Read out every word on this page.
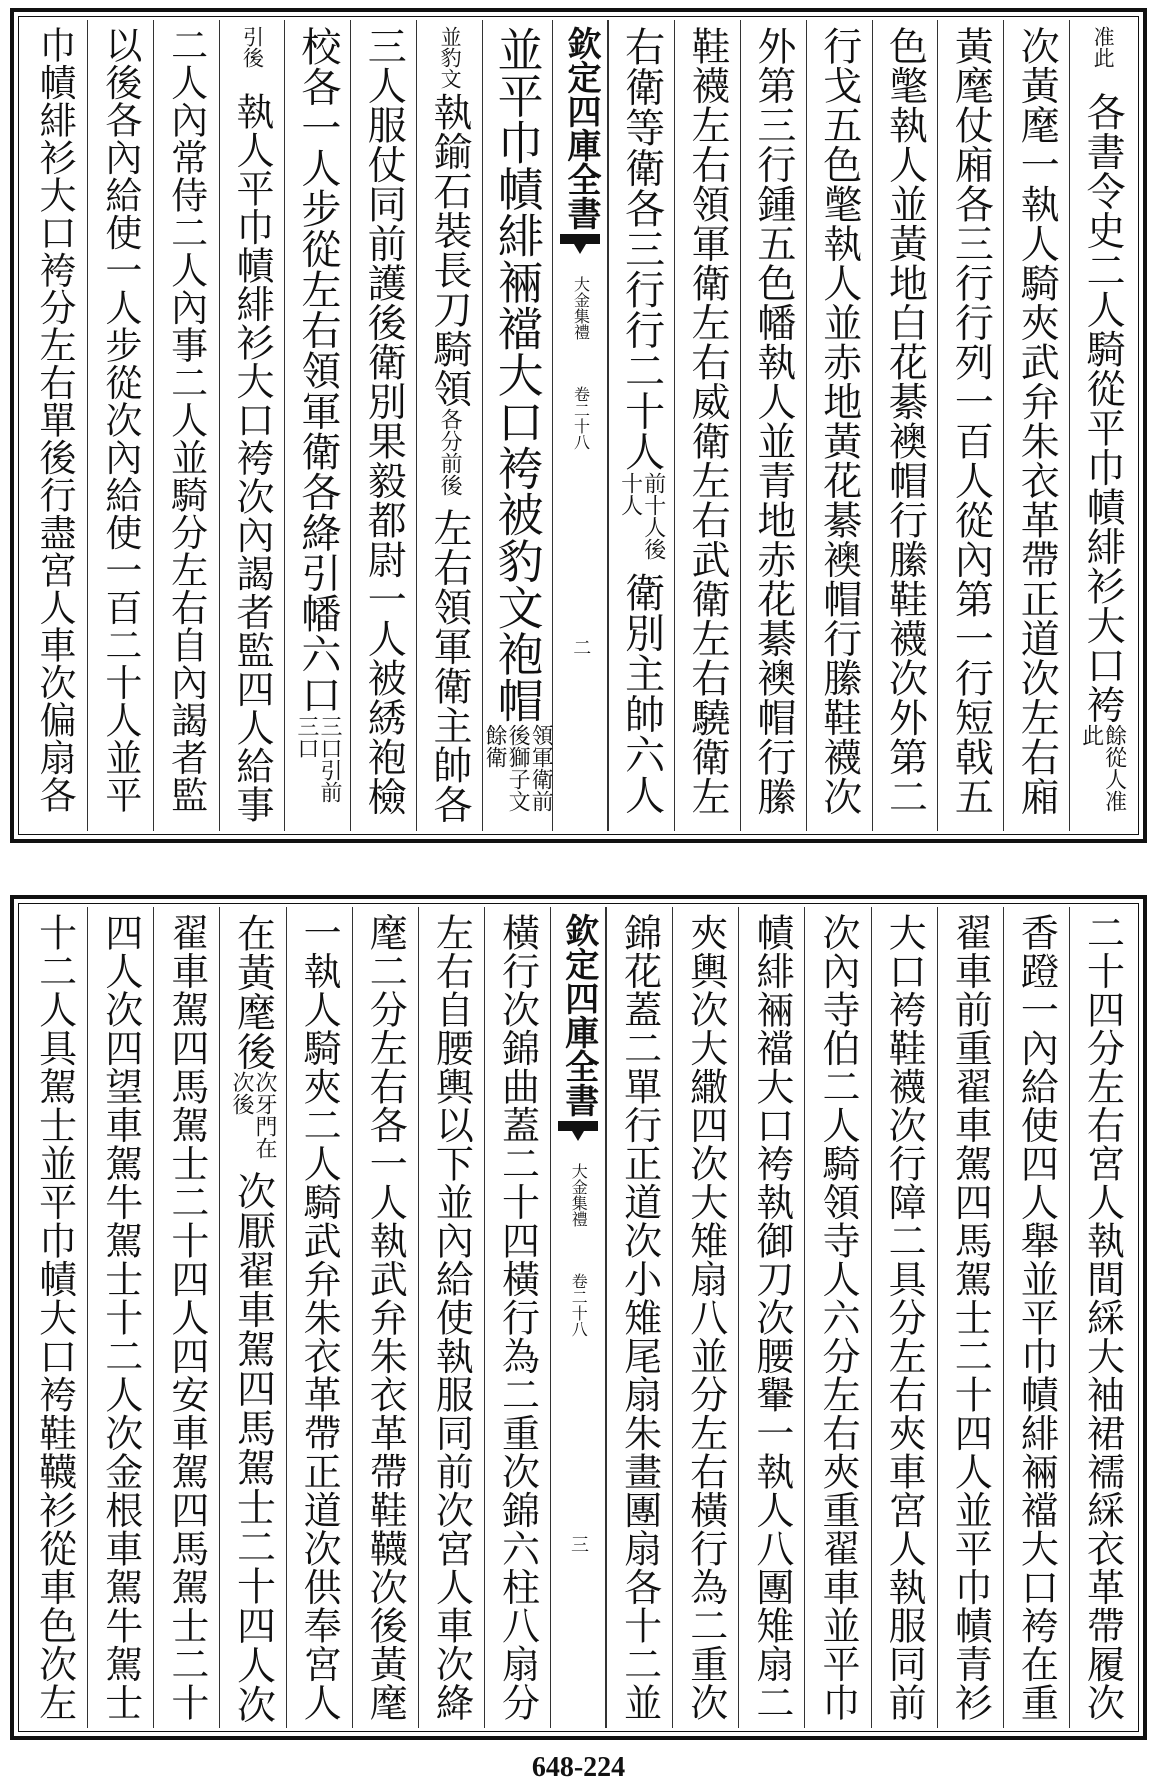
准此
各書令史二人騎從平巾幘緋衫大口袴
餘從人准此
次黃麾一執人騎夾武弁朱衣革帶正道次左右廂
黃麾仗廂各三行行列一百人從內第一行短戟五
色氅執人並黃地白花綦襖帽行縢鞋襪次外第二
行戈五色氅執人並赤地黃花綦襖帽行縢鞋襪次
外第三行鍾五色幡執人並青地赤花綦襖帽行縢
鞋襪左右領軍衛左右威衛左右武衛左右驍衛左
右衛等衛各三行行二十人
前十人後十人
衛別主帥六人
欽定四庫全書
大金集禮
卷二十八
二
並平巾幘緋裲襠大口袴被豹文袍帽
領軍衛前後獅子文餘衛
並豹文
執鍮石裝長刀騎領
各分前後
左右領軍衛主帥各
三人服仗同前護後衛別果毅都尉一人被綉袍檢
校各一人步從左右領軍衛各絳引幡六口
三口引前三口
引後
執人平巾幘緋衫大口袴次內謁者監四人給事
二人內常侍二人內事二人並騎分左右自內謁者監
以後各內給使一人步從次內給使一百二十人並平
巾幘緋衫大口袴分左右單後行盡宮人車次偏扇各
二十四分左右宮人執間綵大袖裙襦綵衣革帶履次
香蹬一內給使四人舉並平巾幘緋裲襠大口袴在重
翟車前重翟車駕四馬駕士二十四人並平巾幘青衫
大口袴鞋襪次行障二具分左右夾車宮人執服同前
次內寺伯二人騎領寺人六分左右夾重翟車並平巾
幘緋裲襠大口袴執御刀次腰轝一執人八團雉扇二
夾輿次大繖四次大雉扇八並分左右橫行為二重次
錦花蓋二單行正道次小雉尾扇朱畫團扇各十二並
欽定四庫全書
大金集禮
卷二十八
三
橫行次錦曲蓋二十四橫行為二重次錦六柱八扇分
左右自腰輿以下並內給使執服同前次宮人車次絳
麾二分左右各一人執武弁朱衣革帶鞋韈次後黃麾
一執人騎夾二人騎武弁朱衣革帶正道次供奉宮人
在黃麾後
次牙門在次後
次厭翟車駕四馬駕士二十四人次
翟車駕四馬駕士二十四人四安車駕四馬駕士二十
四人次四望車駕牛駕士十二人次金根車駕牛駕士
十二人具駕士並平巾幘大口袴鞋韈衫從車色次左
648-224
